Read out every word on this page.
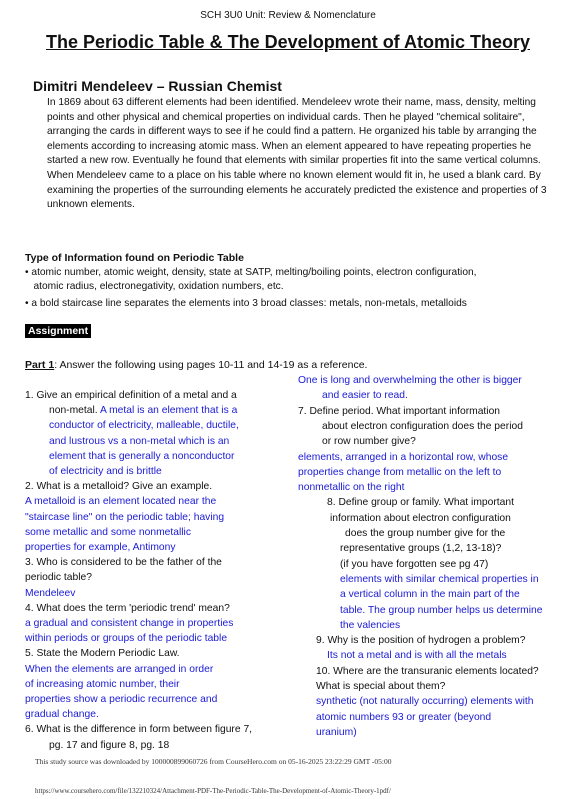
SCH 3U0 Unit: Review & Nomenclature
The Periodic Table & The Development of Atomic Theory
Dimitri Mendeleev – Russian Chemist
In 1869 about 63 different elements had been identified. Mendeleev wrote their name, mass, density, melting points and other physical and chemical properties on individual cards. Then he played "chemical solitaire", arranging the cards in different ways to see if he could find a pattern. He organized his table by arranging the elements according to increasing atomic mass. When an element appeared to have repeating properties he started a new row. Eventually he found that elements with similar properties fit into the same vertical columns. When Mendeleev came to a place on his table where no known element would fit in, he used a blank card. By examining the properties of the surrounding elements he accurately predicted the existence and properties of 3 unknown elements.
Type of Information found on Periodic Table
• atomic number, atomic weight, density, state at SATP, melting/boiling points, electron configuration,
atomic radius, electronegativity, oxidation numbers, etc.
• a bold staircase line separates the elements into 3 broad classes: metals, non-metals, metalloids
Assignment
Part 1: Answer the following using pages 10-11 and 14-19 as a reference.
1. Give an empirical definition of a metal and a
non-metal. A metal is an element that is a
conductor of electricity, malleable, ductile,
and lustrous vs a non-metal which is an
element that is generally a nonconductor
of electricity and is brittle
2. What is a metalloid? Give an example.
A metalloid is an element located near the
"staircase line" on the periodic table; having
some metallic and some nonmetallic
properties for example, Antimony
3. Who is considered to be the father of the
periodic table?
Mendeleev
4. What does the term 'periodic trend' mean?
a gradual and consistent change in properties
within periods or groups of the periodic table
5. State the Modern Periodic Law.
When the elements are arranged in order
of increasing atomic number, their
properties show a periodic recurrence and
gradual change.
6. What is the difference in form between figure 7,
pg. 17 and figure 8, pg. 18
One is long and overwhelming the other is bigger
and easier to read.
7. Define period. What important information
about electron configuration does the period
or row number give?
elements, arranged in a horizontal row, whose
properties change from metallic on the left to
nonmetallic on the right
8. Define group or family. What important
information about electron configuration
does the group number give for the
representative groups (1,2, 13-18)?
(if you have forgotten see pg 47)
elements with similar chemical properties in
a vertical column in the main part of the
table. The group number helps us determine
the valencies
9. Why is the position of hydrogen a problem?
Its not a metal and is with all the metals
10. Where are the transuranic elements located?
What is special about them?
synthetic (not naturally occurring) elements with
atomic numbers 93 or greater (beyond
uranium)
This study source was downloaded by 100000899060726 from CourseHero.com on 05-16-2025 23:22:29 GMT -05:00
https://www.coursehero.com/file/132210324/Attachment-PDF-The-Periodic-Table-The-Development-of-Atomic-Theory-1pdf/
